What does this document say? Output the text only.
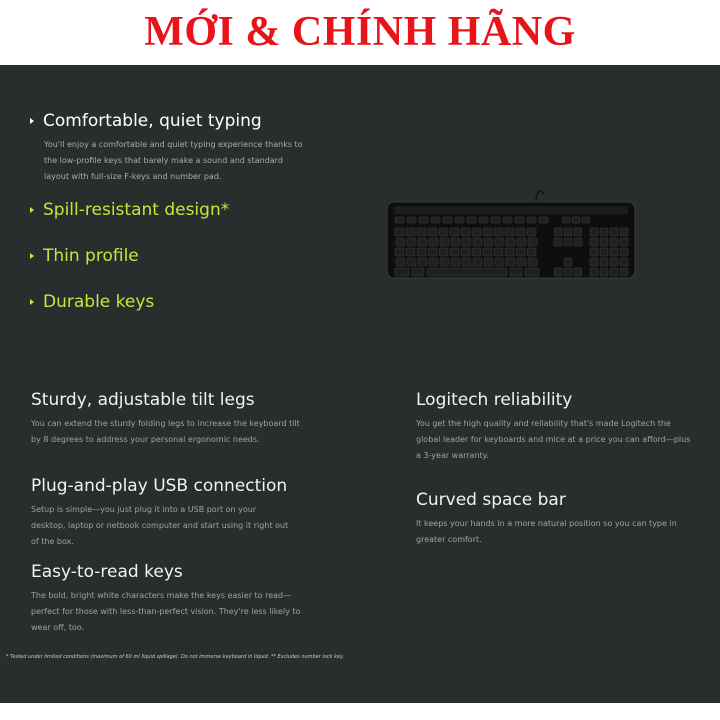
MỚI & CHÍNH HÃNG
Comfortable, quiet typing
You'll enjoy a comfortable and quiet typing experience thanks to the low-profile keys that barely make a sound and standard layout with full-size F-keys and number pad.
Spill-resistant design*
Thin profile
Durable keys
Sturdy, adjustable tilt legs
You can extend the sturdy folding legs to increase the keyboard tilt by 8 degrees to address your personal ergonomic needs.
Plug-and-play USB connection
Setup is simple—you just plug it into a USB port on your desktop, laptop or netbook computer and start using it right out of the box.
Easy-to-read keys
The bold, bright white characters make the keys easier to read—perfect for those with less-than-perfect vision. They're less likely to wear off, too.
Logitech reliability
You get the high quality and reliability that's made Logitech the global leader for keyboards and mice at a price you can afford—plus a 3-year warranty.
Curved space bar
It keeps your hands in a more natural position so you can type in greater comfort.
* Tested under limited conditions (maximum of 60 ml liquid spillage). Do not immerse keyboard in liquid. ** Excludes number lock key.
